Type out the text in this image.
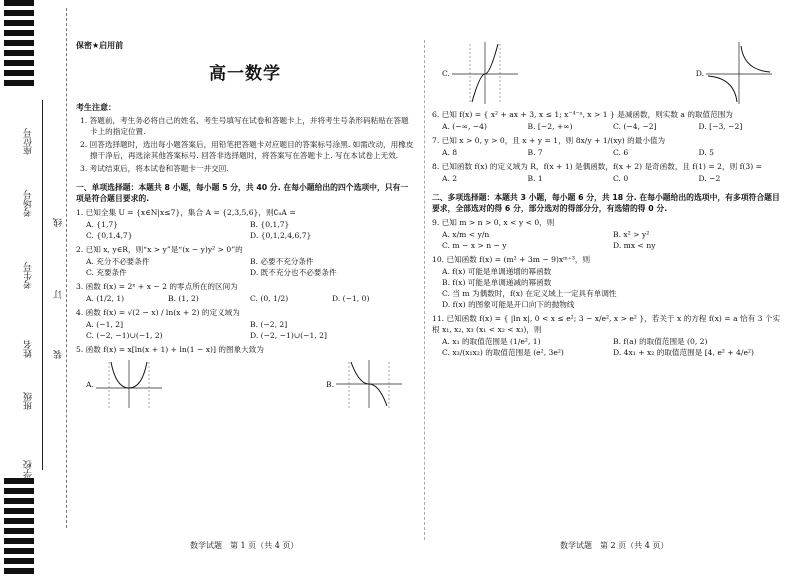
座位号
考场号
考生号
姓名
班级
学校
线
订
装
保密★启用前
高一数学
考生注意：
1. 答题前，考生务必将自己的姓名、考生号填写在试卷和答题卡上，并将考生号条形码粘贴在答题卡上的指定位置.
2. 回答选择题时，选出每小题答案后，用铅笔把答题卡对应题目的答案标号涂黑. 如需改动，用橡皮擦干净后，再选涂其他答案标号. 回答非选择题时，将答案写在答题卡上. 写在本试卷上无效.
3. 考试结束后，将本试卷和答题卡一并交回.
一、单项选择题：本题共 8 小题，每小题 5 分，共 40 分. 在每小题给出的四个选项中，只有一项是符合题目要求的.
1. 已知全集 U = {x∈N|x≤7}，集合 A = {2,3,5,6}，则∁ᵤA =
A. {1,7}	B. {0,1,7}
C. {0,1,4,7}	D. {0,1,2,4,6,7}
2. 已知 x, y∈R，则“x > y”是“(x − y)y² > 0”的
A. 充分不必要条件	B. 必要不充分条件
C. 充要条件	D. 既不充分也不必要条件
3. 函数 f(x) = 2ˣ + x − 2 的零点所在的区间为
A. (1/2, 1)	B. (1, 2)	C. (0, 1/2)	D. (−1, 0)
4. 函数 f(x) = √(2 − x) / ln(x + 2) 的定义域为
A. (−1, 2]	B. (−2, 2]
C. (−2, −1)∪(−1, 2)	D. (−2, −1)∪(−1, 2]
5. 函数 f(x) = x[ln(x + 1) + ln(1 − x)] 的图象大致为
A.	B.
C.	D.
6. 已知 f(x) = { x² + ax + 3, x ≤ 1; x⁻⁴⁻ᵃ, x > 1 } 是减函数，则实数 a 的取值范围为
A. (−∞, −4)	B. [−2, +∞)	C. (−4, −2]	D. [−3, −2]
7. 已知 x > 0, y > 0，且 x + y = 1，则 8x/y + 1/(xy) 的最小值为
A. 8	B. 7	C. 6	D. 5
8. 已知函数 f(x) 的定义域为 R，f(x + 1) 是偶函数，f(x + 2) 是奇函数，且 f(1) = 2，则 f(3) =
A. 2	B. 1	C. 0	D. −2
二、多项选择题：本题共 3 小题，每小题 6 分，共 18 分. 在每小题给出的选项中，有多项符合题目要求，全部选对的得 6 分，部分选对的得部分分，有选错的得 0 分.
9. 已知 m > n > 0, x < y < 0，则
A. x/m < y/n	B. x² > y²
C. m − x > n − y	D. mx < ny
10. 已知函数 f(x) = (m² + 3m − 9)xᵐ⁺³，则
A. f(x) 可能是单调递增的幂函数
B. f(x) 可能是单调递减的幂函数
C. 当 m 为偶数时，f(x) 在定义域上一定具有单调性
D. f(x) 的图象可能是开口向下的抛物线
11. 已知函数 f(x) = { |ln x|, 0 < x ≤ e²; 3 − x/e², x > e² }，若关于 x 的方程 f(x) = a 恰有 3 个实根 x₁, x₂, x₃ (x₁ < x₂ < x₃)，则
A. x₁ 的取值范围是 (1/e², 1)	B. f(a) 的取值范围是 (0, 2)
C. x₃/(x₁x₂) 的取值范围是 (e², 3e²)	D. 4x₁ + x₂ 的取值范围是 [4, e² + 4/e²)
数学试题　第 1 页（共 4 页）	数学试题　第 2 页（共 4 页）
